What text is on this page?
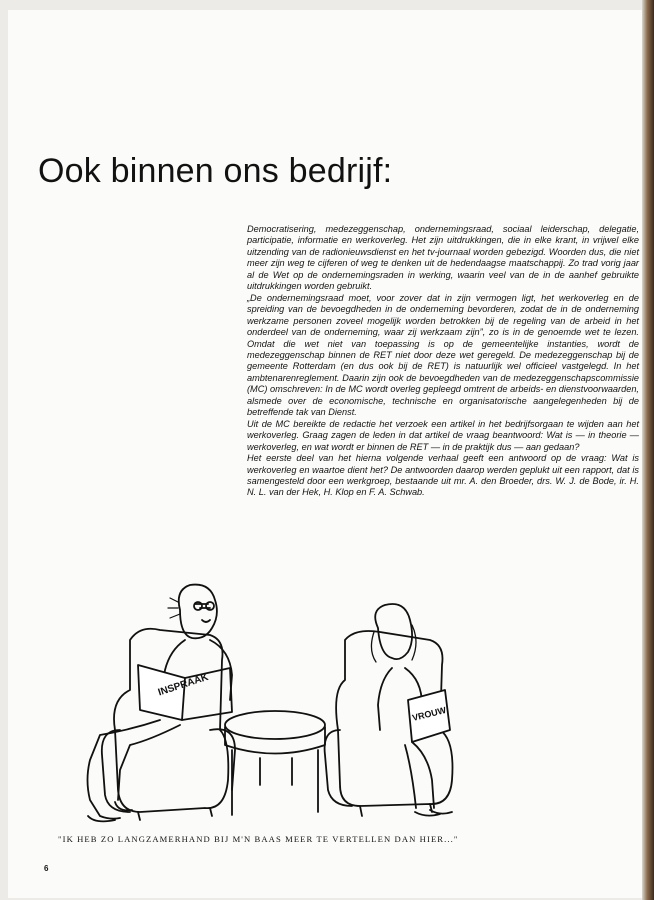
Ook binnen ons bedrijf:

Democratisering, medezeggenschap, ondernemingsraad, sociaal leiderschap, delegatie, participatie, informatie en werkoverleg. Het zijn uitdrukkingen, die in elke krant, in vrijwel elke uitzending van de radionieuwsdienst en het tv-journaal worden gebezigd. Woorden dus, die niet meer zijn weg te cijferen of weg te denken uit de hedendaagse maatschappij. Zo trad vorig jaar al de Wet op de ondernemingsraden in werking, waarin veel van de in de aanhef gebruikte uitdrukkingen worden gebruikt.

„De ondernemingsraad moet, voor zover dat in zijn vermogen ligt, het werkoverleg en de spreiding van de bevoegdheden in de onderneming bevorderen, zodat de in de onderneming werkzame personen zoveel mogelijk worden betrokken bij de regeling van de arbeid in het onderdeel van de onderneming, waar zij werkzaam zijn”, zo is in de genoemde wet te lezen. Omdat die wet niet van toepassing is op de gemeentelijke instanties, wordt de medezeggenschap binnen de RET niet door deze wet geregeld. De medezeggenschap bij de gemeente Rotterdam (en dus ook bij de RET) is natuurlijk wel officieel vastgelegd. In het ambtenarenreglement. Daarin zijn ook de bevoegdheden van de medezeggenschapscommissie (MC) omschreven: In de MC wordt overleg gepleegd omtrent de arbeids- en dienstvoorwaarden, alsmede over de economische, technische en organisatorische aangelegenheden bij de betreffende tak van Dienst.

Uit de MC bereikte de redactie het verzoek een artikel in het bedrijfsorgaan te wijden aan het werkoverleg. Graag zagen de leden in dat artikel de vraag beantwoord: Wat is — in theorie — werkoverleg, en wat wordt er binnen de RET — in de praktijk dus — aan gedaan?

Het eerste deel van het hierna volgende verhaal geeft een antwoord op de vraag: Wat is werkoverleg en waartoe dient het? De antwoorden daarop werden geplukt uit een rapport, dat is samengesteld door een werkgroep, bestaande uit mr. A. den Broeder, drs. W. J. de Bode, ir. H. N. L. van der Hek, H. Klop en F. A. Schwab.

INSPRAAK
VROUW

"IK HEB ZO LANGZAMERHAND BIJ M'N BAAS MEER TE VERTELLEN DAN HIER..."

6
